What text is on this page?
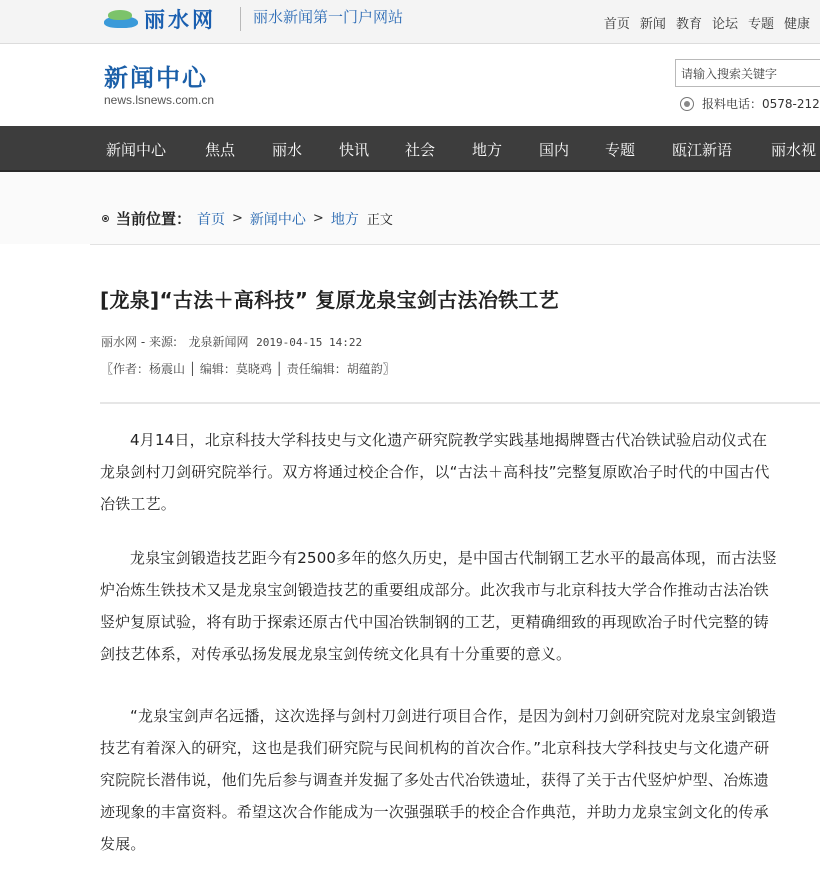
丽水网 丽水新闻第一门户网站	首页 新闻 教育 论坛 专题 健康
新闻中心
news.lsnews.com.cn
请输入搜索关键字
报料电话：0578-212
新闻中心	焦点 丽水 快讯 社会 地方 国内 专题 瓯江新语	丽水视
当前位置： 首页 > 新闻中心 > 地方 正文
[龙泉]“古法＋高科技” 复原龙泉宝剑古法冶铁工艺
丽水网 - 来源:   龙泉新闻网 2019-04-15 14:22
〖作者：杨震山 │ 编辑：莫晓鸡 │ 责任编辑：胡蕴韵〗

4月14日，北京科技大学科技史与文化遗产研究院教学实践基地揭牌暨古代冶铁试验启动仪式在龙泉剑村刀剑研究院举行。双方将通过校企合作，以“古法＋高科技”完整复原欧冶子时代的中国古代冶铁工艺。

龙泉宝剑锻造技艺距今有2500多年的悠久历史，是中国古代制钢工艺水平的最高体现，而古法竖炉冶炼生铁技术又是龙泉宝剑锻造技艺的重要组成部分。此次我市与北京科技大学合作推动古法冶铁竖炉复原试验，将有助于探索还原古代中国冶铁制钢的工艺，更精确细致的再现欧冶子时代完整的铸剑技艺体系，对传承弘扬发展龙泉宝剑传统文化具有十分重要的意义。

“龙泉宝剑声名远播，这次选择与剑村刀剑进行项目合作，是因为剑村刀剑研究院对龙泉宝剑锻造技艺有着深入的研究，这也是我们研究院与民间机构的首次合作。”北京科技大学科技史与文化遗产研究院院长潜伟说，他们先后参与调查并发掘了多处古代冶铁遗址，获得了关于古代竖炉炉型、冶炼遗迹现象的丰富资料。希望这次合作能成为一次强强联手的校企合作典范，并助力龙泉宝剑文化的传承发展。
